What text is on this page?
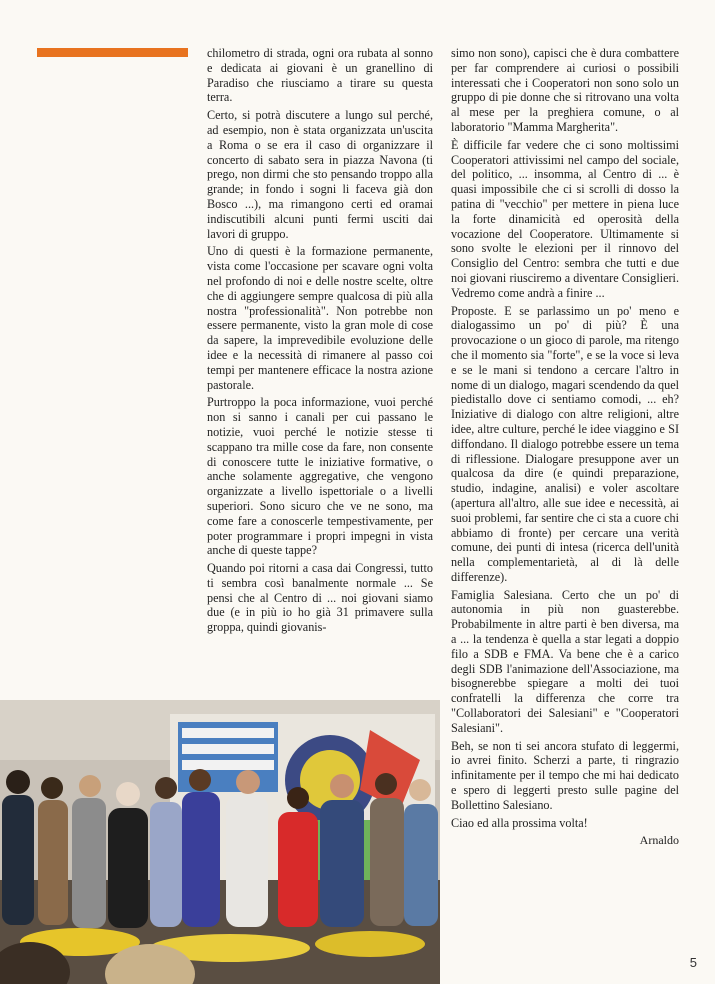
chilometro di strada, ogni ora rubata al sonno e dedicata ai giovani è un granellino di Paradiso che riusciamo a tirare su questa terra.

Certo, si potrà discutere a lungo sul perché, ad esempio, non è stata organizzata un'uscita a Roma o se era il caso di organizzare il concerto di sabato sera in piazza Navona (ti prego, non dirmi che sto pensando troppo alla grande; in fondo i sogni li faceva già don Bosco ...), ma rimangono certi ed oramai indiscutibili alcuni punti fermi usciti dai lavori di gruppo.

Uno di questi è la formazione permanente, vista come l'occasione per scavare ogni volta nel profondo di noi e delle nostre scelte, oltre che di aggiungere sempre qualcosa di più alla nostra "professionalità". Non potrebbe non essere permanente, visto la gran mole di cose da sapere, la imprevedibile evoluzione delle idee e la necessità di rimanere al passo coi tempi per mantenere efficace la nostra azione pastorale.

Purtroppo la poca informazione, vuoi perché non si sanno i canali per cui passano le notizie, vuoi perché le notizie stesse ti scappano tra mille cose da fare, non consente di conoscere tutte le iniziative formative, o anche solamente aggregative, che vengono organizzate a livello ispettoriale o a livelli superiori. Sono sicuro che ve ne sono, ma come fare a conoscerle tempestivamente, per poter programmare i propri impegni in vista anche di queste tappe?

Quando poi ritorni a casa dai Congressi, tutto ti sembra così banalmente normale ... Se pensi che al Centro di ... noi giovani siamo due (e in più io ho già 31 primavere sulla groppa, quindi giovanis-

simo non sono), capisci che è dura combattere per far comprendere ai curiosi o possibili interessati che i Cooperatori non sono solo un gruppo di pie donne che si ritrovano una volta al mese per la preghiera comune, o al laboratorio "Mamma Margherita".

È difficile far vedere che ci sono moltissimi Cooperatori attivissimi nel campo del sociale, del politico, ... insomma, al Centro di ... è quasi impossibile che ci si scrolli di dosso la patina di "vecchio" per mettere in piena luce la forte dinamicità ed operosità della vocazione del Cooperatore. Ultimamente si sono svolte le elezioni per il rinnovo del Consiglio del Centro: sembra che tutti e due noi giovani riusciremo a diventare Consiglieri. Vedremo come andrà a finire ...

Proposte. E se parlassimo un po' meno e dialogassimo un po' di più? È una provocazione o un gioco di parole, ma ritengo che il momento sia "forte", e se la voce si leva e se le mani si tendono a cercare l'altro in nome di un dialogo, magari scendendo da quel piedistallo dove ci sentiamo comodi, ... eh? Iniziative di dialogo con altre religioni, altre idee, altre culture, perché le idee viaggino e SI diffondano. Il dialogo potrebbe essere un tema di riflessione. Dialogare presuppone aver un qualcosa da dire (e quindi preparazione, studio, indagine, analisi) e voler ascoltare (apertura all'altro, alle sue idee e necessità, ai suoi problemi, far sentire che ci sta a cuore chi abbiamo di fronte) per cercare una verità comune, dei punti di intesa (ricerca dell'unità nella complementarietà, al di là delle differenze).

Famiglia Salesiana. Certo che un po' di autonomia in più non guasterebbe. Probabilmente in altre parti è ben diversa, ma a ... la tendenza è quella a star legati a doppio filo a SDB e FMA. Va bene che è a carico degli SDB l'animazione dell'Associazione, ma bisognerebbe spiegare a molti dei tuoi confratelli la differenza che corre tra "Collaboratori dei Salesiani" e "Cooperatori Salesiani".

Beh, se non ti sei ancora stufato di leggermi, io avrei finito. Scherzi a parte, ti ringrazio infinitamente per il tempo che mi hai dedicato e spero di leggerti presto sulle pagine del Bollettino Salesiano.

Ciao ed alla prossima volta!

Arnaldo
5
